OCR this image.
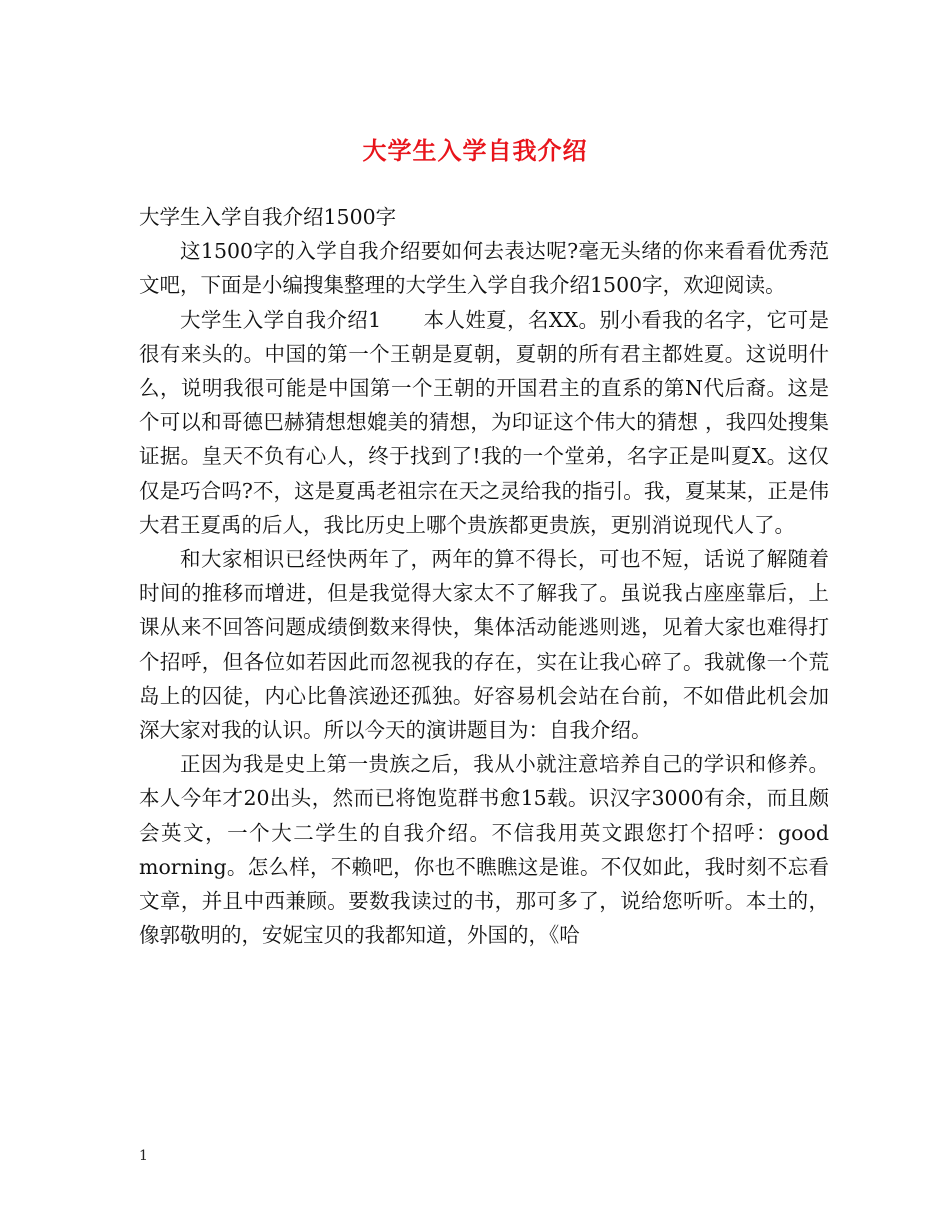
大学生入学自我介绍

大学生入学自我介绍1500字

这1500字的入学自我介绍要如何去表达呢?毫无头绪的你来看看优秀范文吧，下面是小编搜集整理的大学生入学自我介绍1500字，欢迎阅读。

大学生入学自我介绍1　　本人姓夏，名XX。别小看我的名字，它可是很有来头的。中国的第一个王朝是夏朝，夏朝的所有君主都姓夏。这说明什么，说明我很可能是中国第一个王朝的开国君主的直系的第N代后裔。这是个可以和哥德巴赫猜想想媲美的猜想，为印证这个伟大的猜想 ，我四处搜集证据。皇天不负有心人，终于找到了!我的一个堂弟，名字正是叫夏X。这仅仅是巧合吗?不，这是夏禹老祖宗在天之灵给我的指引。我，夏某某，正是伟大君王夏禹的后人，我比历史上哪个贵族都更贵族，更别消说现代人了。

和大家相识已经快两年了，两年的算不得长，可也不短，话说了解随着时间的推移而增进，但是我觉得大家太不了解我了。虽说我占座座靠后，上课从来不回答问题成绩倒数来得快，集体活动能逃则逃，见着大家也难得打个招呼，但各位如若因此而忽视我的存在，实在让我心碎了。我就像一个荒岛上的囚徒，内心比鲁滨逊还孤独。好容易机会站在台前，不如借此机会加深大家对我的认识。所以今天的演讲题目为：自我介绍。

正因为我是史上第一贵族之后，我从小就注意培养自己的学识和修养。本人今年才20出头，然而已将饱览群书愈15载。识汉字3000有余，而且颇会英文，一个大二学生的自我介绍。不信我用英文跟您打个招呼：good morning。怎么样，不赖吧，你也不瞧瞧这是谁。不仅如此，我时刻不忘看文章，并且中西兼顾。要数我读过的书，那可多了，说给您听听。本土的，像郭敬明的，安妮宝贝的我都知道，外国的，《哈

1
